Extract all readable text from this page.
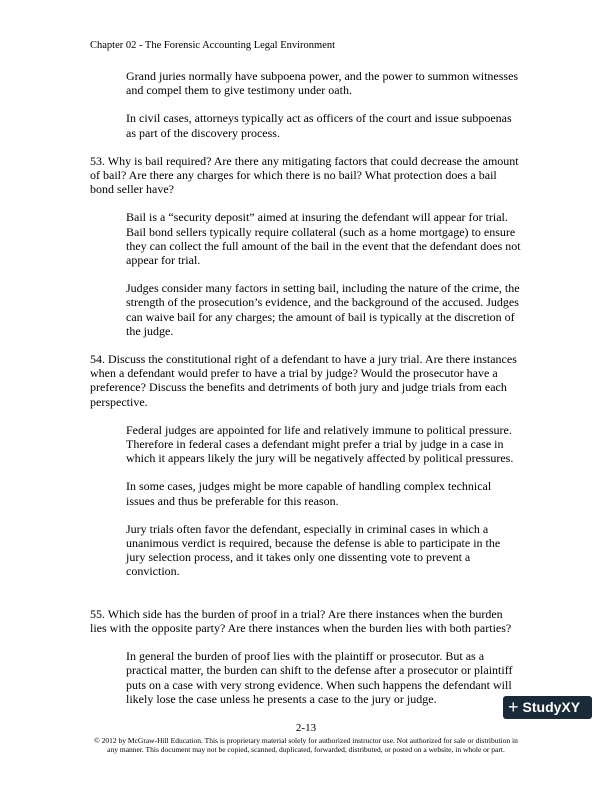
Chapter 02 - The Forensic Accounting Legal Environment

Grand juries normally have subpoena power, and the power to summon witnesses and compel them to give testimony under oath.

In civil cases, attorneys typically act as officers of the court and issue subpoenas as part of the discovery process.

53. Why is bail required? Are there any mitigating factors that could decrease the amount of bail? Are there any charges for which there is no bail? What protection does a bail bond seller have?

Bail is a “security deposit” aimed at insuring the defendant will appear for trial. Bail bond sellers typically require collateral (such as a home mortgage) to ensure they can collect the full amount of the bail in the event that the defendant does not appear for trial.

Judges consider many factors in setting bail, including the nature of the crime, the strength of the prosecution’s evidence, and the background of the accused. Judges can waive bail for any charges; the amount of bail is typically at the discretion of the judge.

54. Discuss the constitutional right of a defendant to have a jury trial. Are there instances when a defendant would prefer to have a trial by judge? Would the prosecutor have a preference? Discuss the benefits and detriments of both jury and judge trials from each perspective.

Federal judges are appointed for life and relatively immune to political pressure. Therefore in federal cases a defendant might prefer a trial by judge in a case in which it appears likely the jury will be negatively affected by political pressures.

In some cases, judges might be more capable of handling complex technical issues and thus be preferable for this reason.

Jury trials often favor the defendant, especially in criminal cases in which a unanimous verdict is required, because the defense is able to participate in the jury selection process, and it takes only one dissenting vote to prevent a conviction.

55. Which side has the burden of proof in a trial? Are there instances when the burden lies with the opposite party? Are there instances when the burden lies with both parties?

In general the burden of proof lies with the plaintiff or prosecutor. But as a practical matter, the burden can shift to the defense after a prosecutor or plaintiff puts on a case with very strong evidence. When such happens the defendant will likely lose the case unless he presents a case to the jury or judge.	+ StudyXY
2-13
© 2012 by McGraw-Hill Education. This is proprietary material solely for authorized instructor use. Not authorized for sale or distribution in any manner. This document may not be copied, scanned, duplicated, forwarded, distributed, or posted on a website, in whole or part.
